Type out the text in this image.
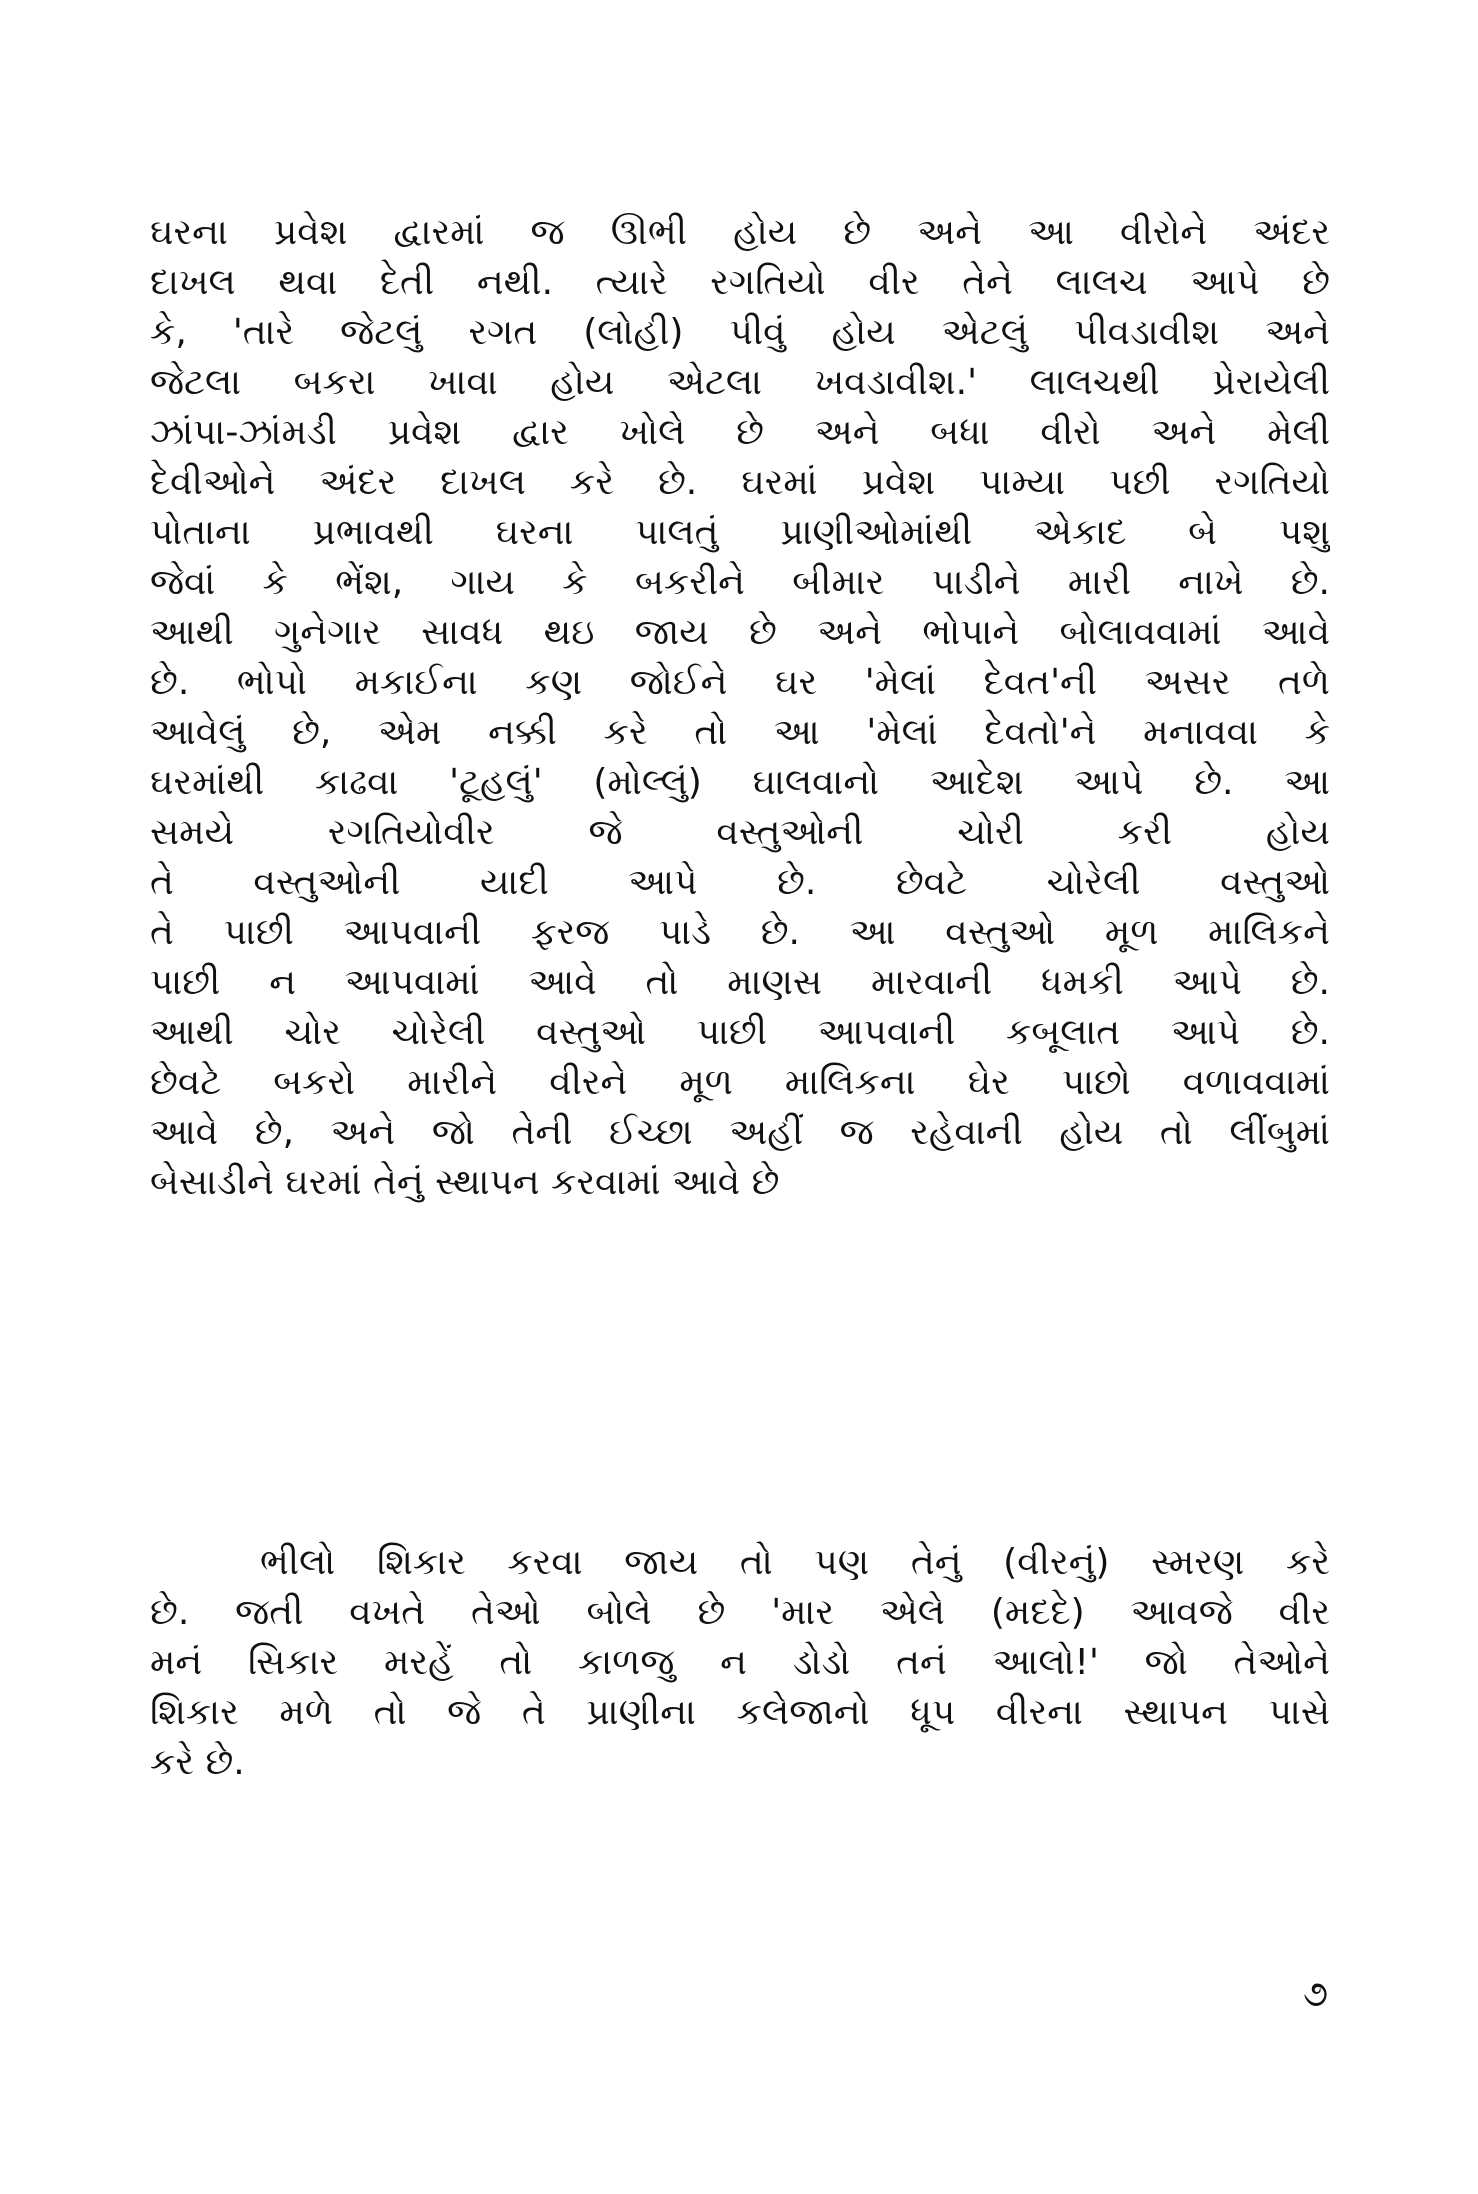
ઘરના પ્રવેશ દ્વારમાં જ ઊભી હોય છે અને આ વીરોને અંદર
દાખલ થવા દેતી નથી. ત્યારે રગતિયો વીર તેને લાલચ આપે છે
કે, 'તારે જેટલું રગત (લોહી) પીવું હોય એટલું પીવડાવીશ અને
જેટલા બકરા ખાવા હોય એટલા ખવડાવીશ.' લાલચથી પ્રેરાયેલી
ઝાંપા-ઝાંમડી પ્રવેશ દ્વાર ખોલે છે અને બધા વીરો અને મેલી
દેવીઓને અંદર દાખલ કરે છે. ઘરમાં પ્રવેશ પામ્યા પછી રગતિયો
પોતાના પ્રભાવથી ઘરના પાલતું પ્રાણીઓમાંથી એકાદ બે પશુ
જેવાં કે ભેંશ, ગાય કે બકરીને બીમાર પાડીને મારી નાખે છે.
આથી ગુનેગાર સાવધ થઇ જાય છે અને ભોપાને બોલાવવામાં આવે
છે. ભોપો મકાઈના કણ જોઈને ઘર 'મેલાં દેવત'ની અસર તળે
આવેલું છે, એમ નક્કી કરે તો આ 'મેલાં દેવતો'ને મનાવવા કે
ઘરમાંથી કાઢવા 'ટૂહલું' (મોલ્લું) ઘાલવાનો આદેશ આપે છે. આ
સમયે રગતિયોવીર જે વસ્તુઓની ચોરી કરી હોય
તે વસ્તુઓની યાદી આપે છે. છેવટે ચોરેલી વસ્તુઓ
તે પાછી આપવાની ફરજ પાડે છે. આ વસ્તુઓ મૂળ માલિકને
પાછી ન આપવામાં આવે તો માણસ મારવાની ધમકી આપે છે.
આથી ચોર ચોરેલી વસ્તુઓ પાછી આપવાની કબૂલાત આપે છે.
છેવટે બકરો મારીને વીરને મૂળ માલિકના ઘેર પાછો વળાવવામાં
આવે છે, અને જો તેની ઈચ્છા અહીં જ રહેવાની હોય તો લીંબુમાં
બેસાડીને ઘરમાં તેનું સ્થાપન કરવામાં આવે છે
ભીલો શિકાર કરવા જાય તો પણ તેનું (વીરનું) સ્મરણ કરે
છે. જતી વખતે તેઓ બોલે છે 'માર એલે (મદદે) આવજે વીર
મનં સિકાર મરહેં તો કાળજુ ન ડોડો તનં આલો!' જો તેઓને
શિકાર મળે તો જે તે પ્રાણીના કલેજાનો ધૂપ વીરના સ્થાપન પાસે
કરે છે.
૭
